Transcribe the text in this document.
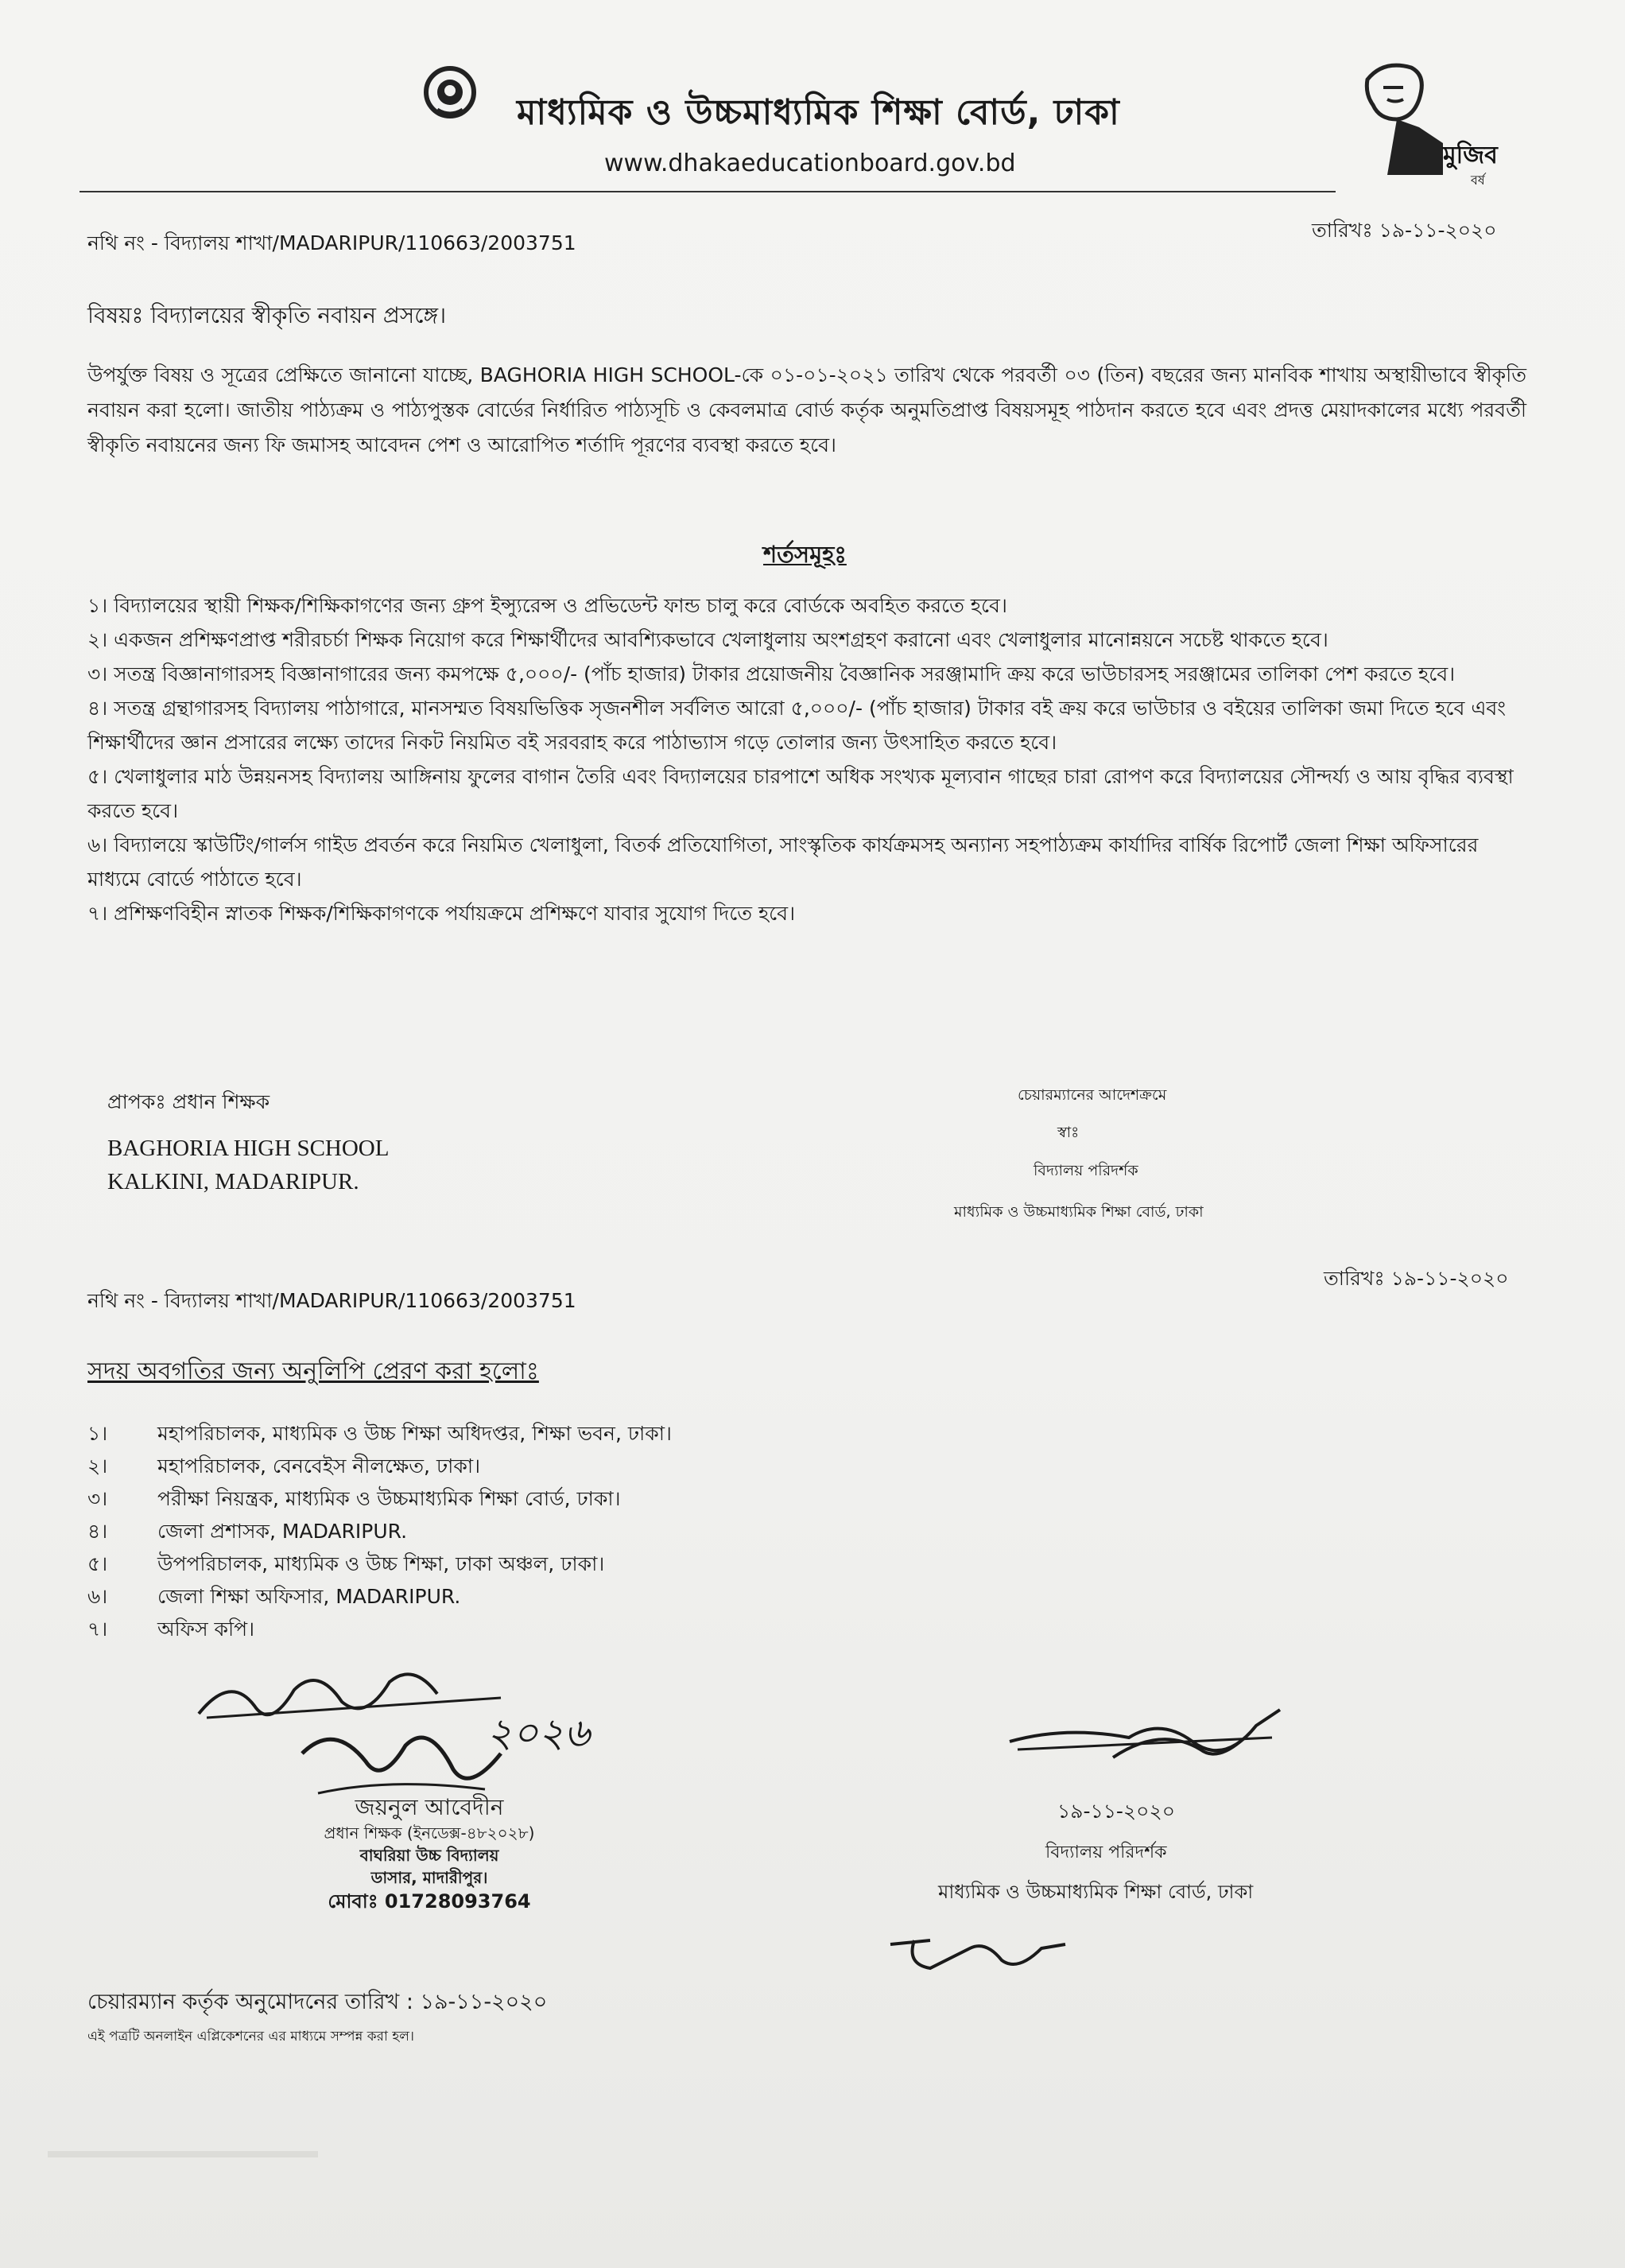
মাধ্যমিক ও উচ্চমাধ্যমিক শিক্ষা বোর্ড, ঢাকা
www.dhakaeducationboard.gov.bd	মুজিব
বর্ষ
নথি নং - বিদ্যালয় শাখা/MADARIPUR/110663/2003751
তারিখঃ ১৯-১১-২০২০
বিষয়ঃ বিদ্যালয়ের স্বীকৃতি নবায়ন প্রসঙ্গে।
উপর্যুক্ত বিষয় ও সূত্রের প্রেক্ষিতে জানানো যাচ্ছে, BAGHORIA HIGH SCHOOL-কে ০১-০১-২০২১ তারিখ থেকে পরবর্তী ০৩ (তিন) বছরের জন্য মানবিক শাখায় অস্থায়ীভাবে স্বীকৃতি নবায়ন করা হলো। জাতীয় পাঠ্যক্রম ও পাঠ্যপুস্তক বোর্ডের নির্ধারিত পাঠ্যসূচি ও কেবলমাত্র বোর্ড কর্তৃক অনুমতিপ্রাপ্ত বিষয়সমূহ পাঠদান করতে হবে এবং প্রদত্ত মেয়াদকালের মধ্যে পরবর্তী স্বীকৃতি নবায়নের জন্য ফি জমাসহ আবেদন পেশ ও আরোপিত শর্তাদি পূরণের ব্যবস্থা করতে হবে।
শর্তসমূহঃ
১। বিদ্যালয়ের স্থায়ী শিক্ষক/শিক্ষিকাগণের জন্য গ্রুপ ইন্স্যুরেন্স ও প্রভিডেন্ট ফান্ড চালু করে বোর্ডকে অবহিত করতে হবে।
২। একজন প্রশিক্ষণপ্রাপ্ত শরীরচর্চা শিক্ষক নিয়োগ করে শিক্ষার্থীদের আবশ্যিকভাবে খেলাধুলায় অংশগ্রহণ করানো এবং খেলাধুলার মানোন্নয়নে সচেষ্ট থাকতে হবে।
৩। সতন্ত্র বিজ্ঞানাগারসহ বিজ্ঞানাগারের জন্য কমপক্ষে ৫,০০০/- (পাঁচ হাজার) টাকার প্রয়োজনীয় বৈজ্ঞানিক সরঞ্জামাদি ক্রয় করে ভাউচারসহ সরঞ্জামের তালিকা পেশ করতে হবে।
৪। সতন্ত্র গ্রন্থাগারসহ বিদ্যালয় পাঠাগারে, মানসম্মত বিষয়ভিত্তিক সৃজনশীল সর্বলিত আরো ৫,০০০/- (পাঁচ হাজার) টাকার বই ক্রয় করে ভাউচার ও বইয়ের তালিকা জমা দিতে হবে এবং শিক্ষার্থীদের জ্ঞান প্রসারের লক্ষ্যে তাদের নিকট নিয়মিত বই সরবরাহ করে পাঠাভ্যাস গড়ে তোলার জন্য উৎসাহিত করতে হবে।
৫। খেলাধুলার মাঠ উন্নয়নসহ বিদ্যালয় আঙ্গিনায় ফুলের বাগান তৈরি এবং বিদ্যালয়ের চারপাশে অধিক সংখ্যক মূল্যবান গাছের চারা রোপণ করে বিদ্যালয়ের সৌন্দর্য্য ও আয় বৃদ্ধির ব্যবস্থা করতে হবে।
৬। বিদ্যালয়ে স্কাউটিং/গার্লস গাইড প্রবর্তন করে নিয়মিত খেলাধুলা, বিতর্ক প্রতিযোগিতা, সাংস্কৃতিক কার্যক্রমসহ অন্যান্য সহপাঠ্যক্রম কার্যাদির বার্ষিক রিপোর্ট জেলা শিক্ষা অফিসারের মাধ্যমে বোর্ডে পাঠাতে হবে।
৭। প্রশিক্ষণবিহীন স্নাতক শিক্ষক/শিক্ষিকাগণকে পর্যায়ক্রমে প্রশিক্ষণে যাবার সুযোগ দিতে হবে।
প্রাপকঃ প্রধান শিক্ষক
BAGHORIA HIGH SCHOOL
KALKINI, MADARIPUR.
চেয়ারম্যানের আদেশক্রমে
স্বাঃ
বিদ্যালয় পরিদর্শক
মাধ্যমিক ও উচ্চমাধ্যমিক শিক্ষা বোর্ড, ঢাকা
তারিখঃ ১৯-১১-২০২০
নথি নং - বিদ্যালয় শাখা/MADARIPUR/110663/2003751
সদয় অবগতির জন্য অনুলিপি প্রেরণ করা হলোঃ
১।	মহাপরিচালক, মাধ্যমিক ও উচ্চ শিক্ষা অধিদপ্তর, শিক্ষা ভবন, ঢাকা।
২।	মহাপরিচালক, বেনবেইস নীলক্ষেত, ঢাকা।
৩।	পরীক্ষা নিয়ন্ত্রক, মাধ্যমিক ও উচ্চমাধ্যমিক শিক্ষা বোর্ড, ঢাকা।
৪।	জেলা প্রশাসক, MADARIPUR.
৫।	উপপরিচালক, মাধ্যমিক ও উচ্চ শিক্ষা, ঢাকা অঞ্চল, ঢাকা।
৬।	জেলা শিক্ষা অফিসার, MADARIPUR.
৭।	অফিস কপি।
২০২৬
জয়নুল আবেদীন
প্রধান শিক্ষক (ইনডেক্স-৪৮২০২৮)
বাঘরিয়া উচ্চ বিদ্যালয়
ডাসার, মাদারীপুর।
মোবাঃ 01728093764
১৯-১১-২০২০
বিদ্যালয় পরিদর্শক
মাধ্যমিক ও উচ্চমাধ্যমিক শিক্ষা বোর্ড, ঢাকা
চেয়ারম্যান কর্তৃক অনুমোদনের তারিখ : ১৯-১১-২০২০
এই পত্রটি অনলাইন এপ্লিকেশনের এর মাধ্যমে সম্পন্ন করা হল।
